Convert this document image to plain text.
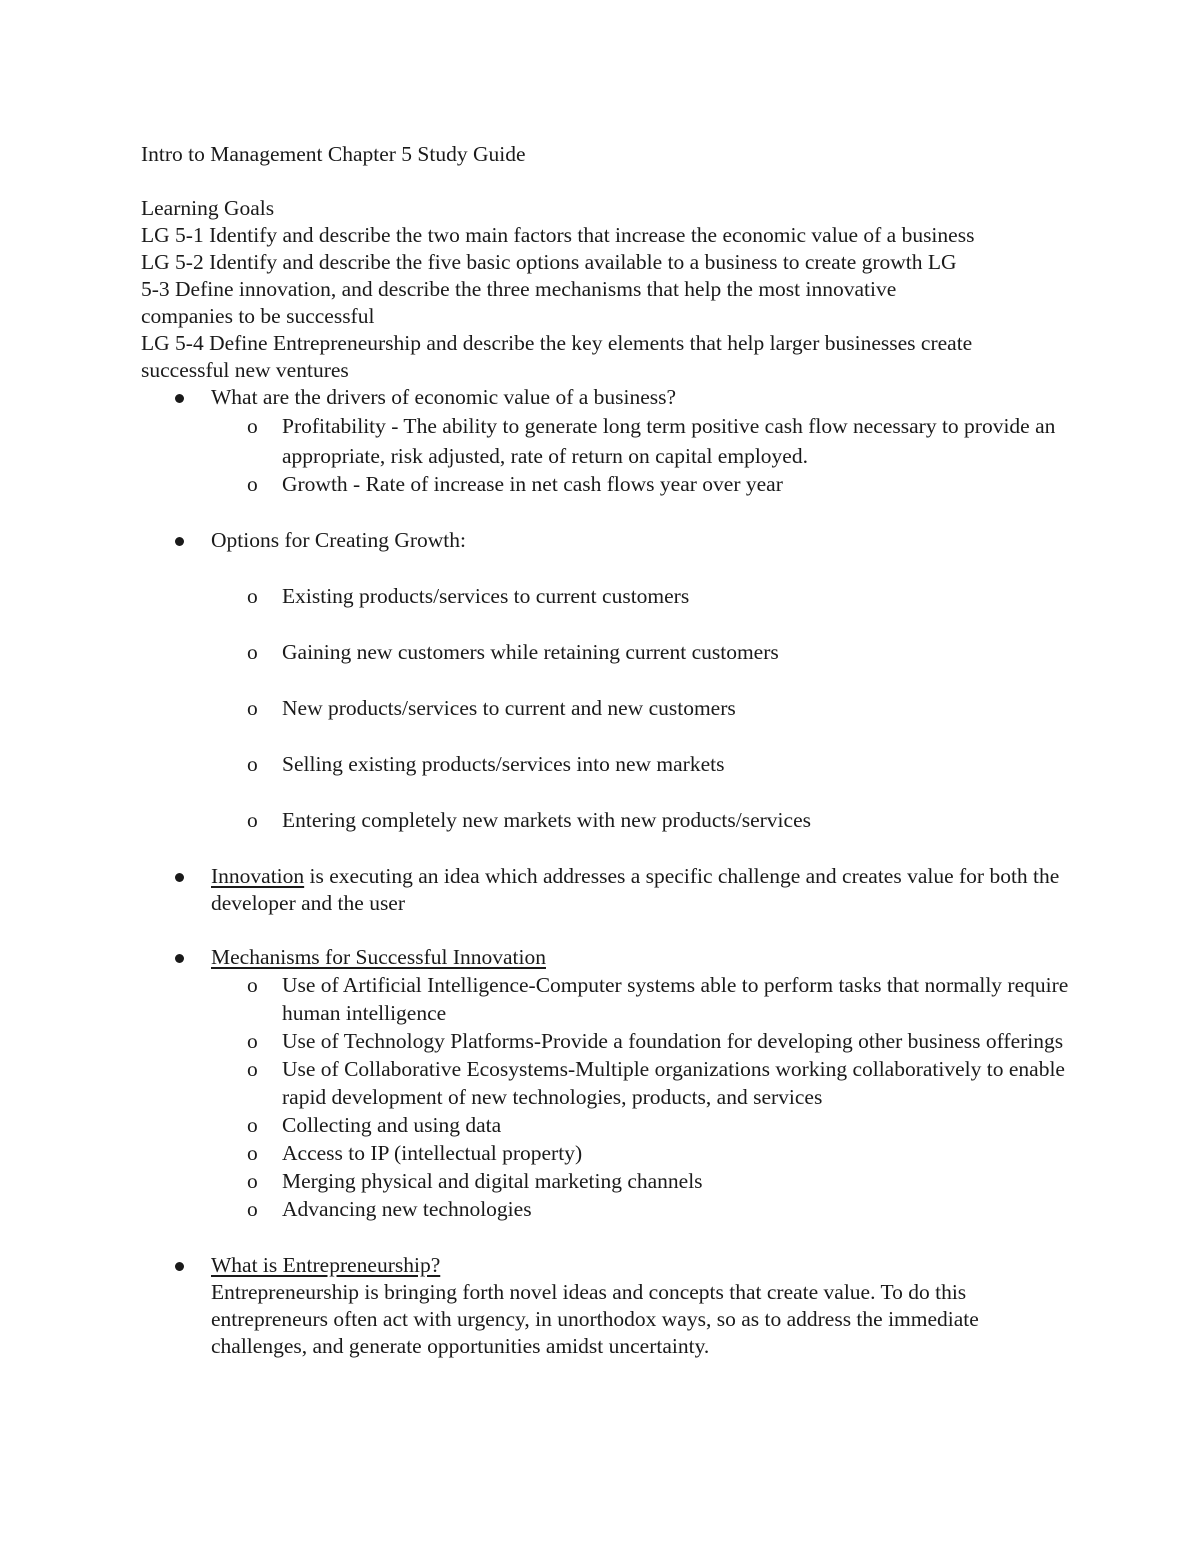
Intro to Management Chapter 5 Study Guide
Learning Goals
LG 5-1 Identify and describe the two main factors that increase the economic value of a business
LG 5-2 Identify and describe the five basic options available to a business to create growth LG
5-3 Define innovation, and describe the three mechanisms that help the most innovative
companies to be successful
LG 5-4 Define Entrepreneurship and describe the key elements that help larger businesses create
successful new ventures
What are the drivers of economic value of a business?
o Profitability - The ability to generate long term positive cash flow necessary to provide an appropriate, risk adjusted, rate of return on capital employed.
o Growth - Rate of increase in net cash flows year over year
Options for Creating Growth:
o Existing products/services to current customers
o Gaining new customers while retaining current customers
o New products/services to current and new customers
o Selling existing products/services into new markets
o Entering completely new markets with new products/services
Innovation is executing an idea which addresses a specific challenge and creates value for both the developer and the user
Mechanisms for Successful Innovation
o Use of Artificial Intelligence-Computer systems able to perform tasks that normally require human intelligence
o Use of Technology Platforms-Provide a foundation for developing other business offerings
o Use of Collaborative Ecosystems-Multiple organizations working collaboratively to enable rapid development of new technologies, products, and services
o Collecting and using data
o Access to IP (intellectual property)
o Merging physical and digital marketing channels
o Advancing new technologies
What is Entrepreneurship?
Entrepreneurship is bringing forth novel ideas and concepts that create value. To do this entrepreneurs often act with urgency, in unorthodox ways, so as to address the immediate challenges, and generate opportunities amidst uncertainty.
